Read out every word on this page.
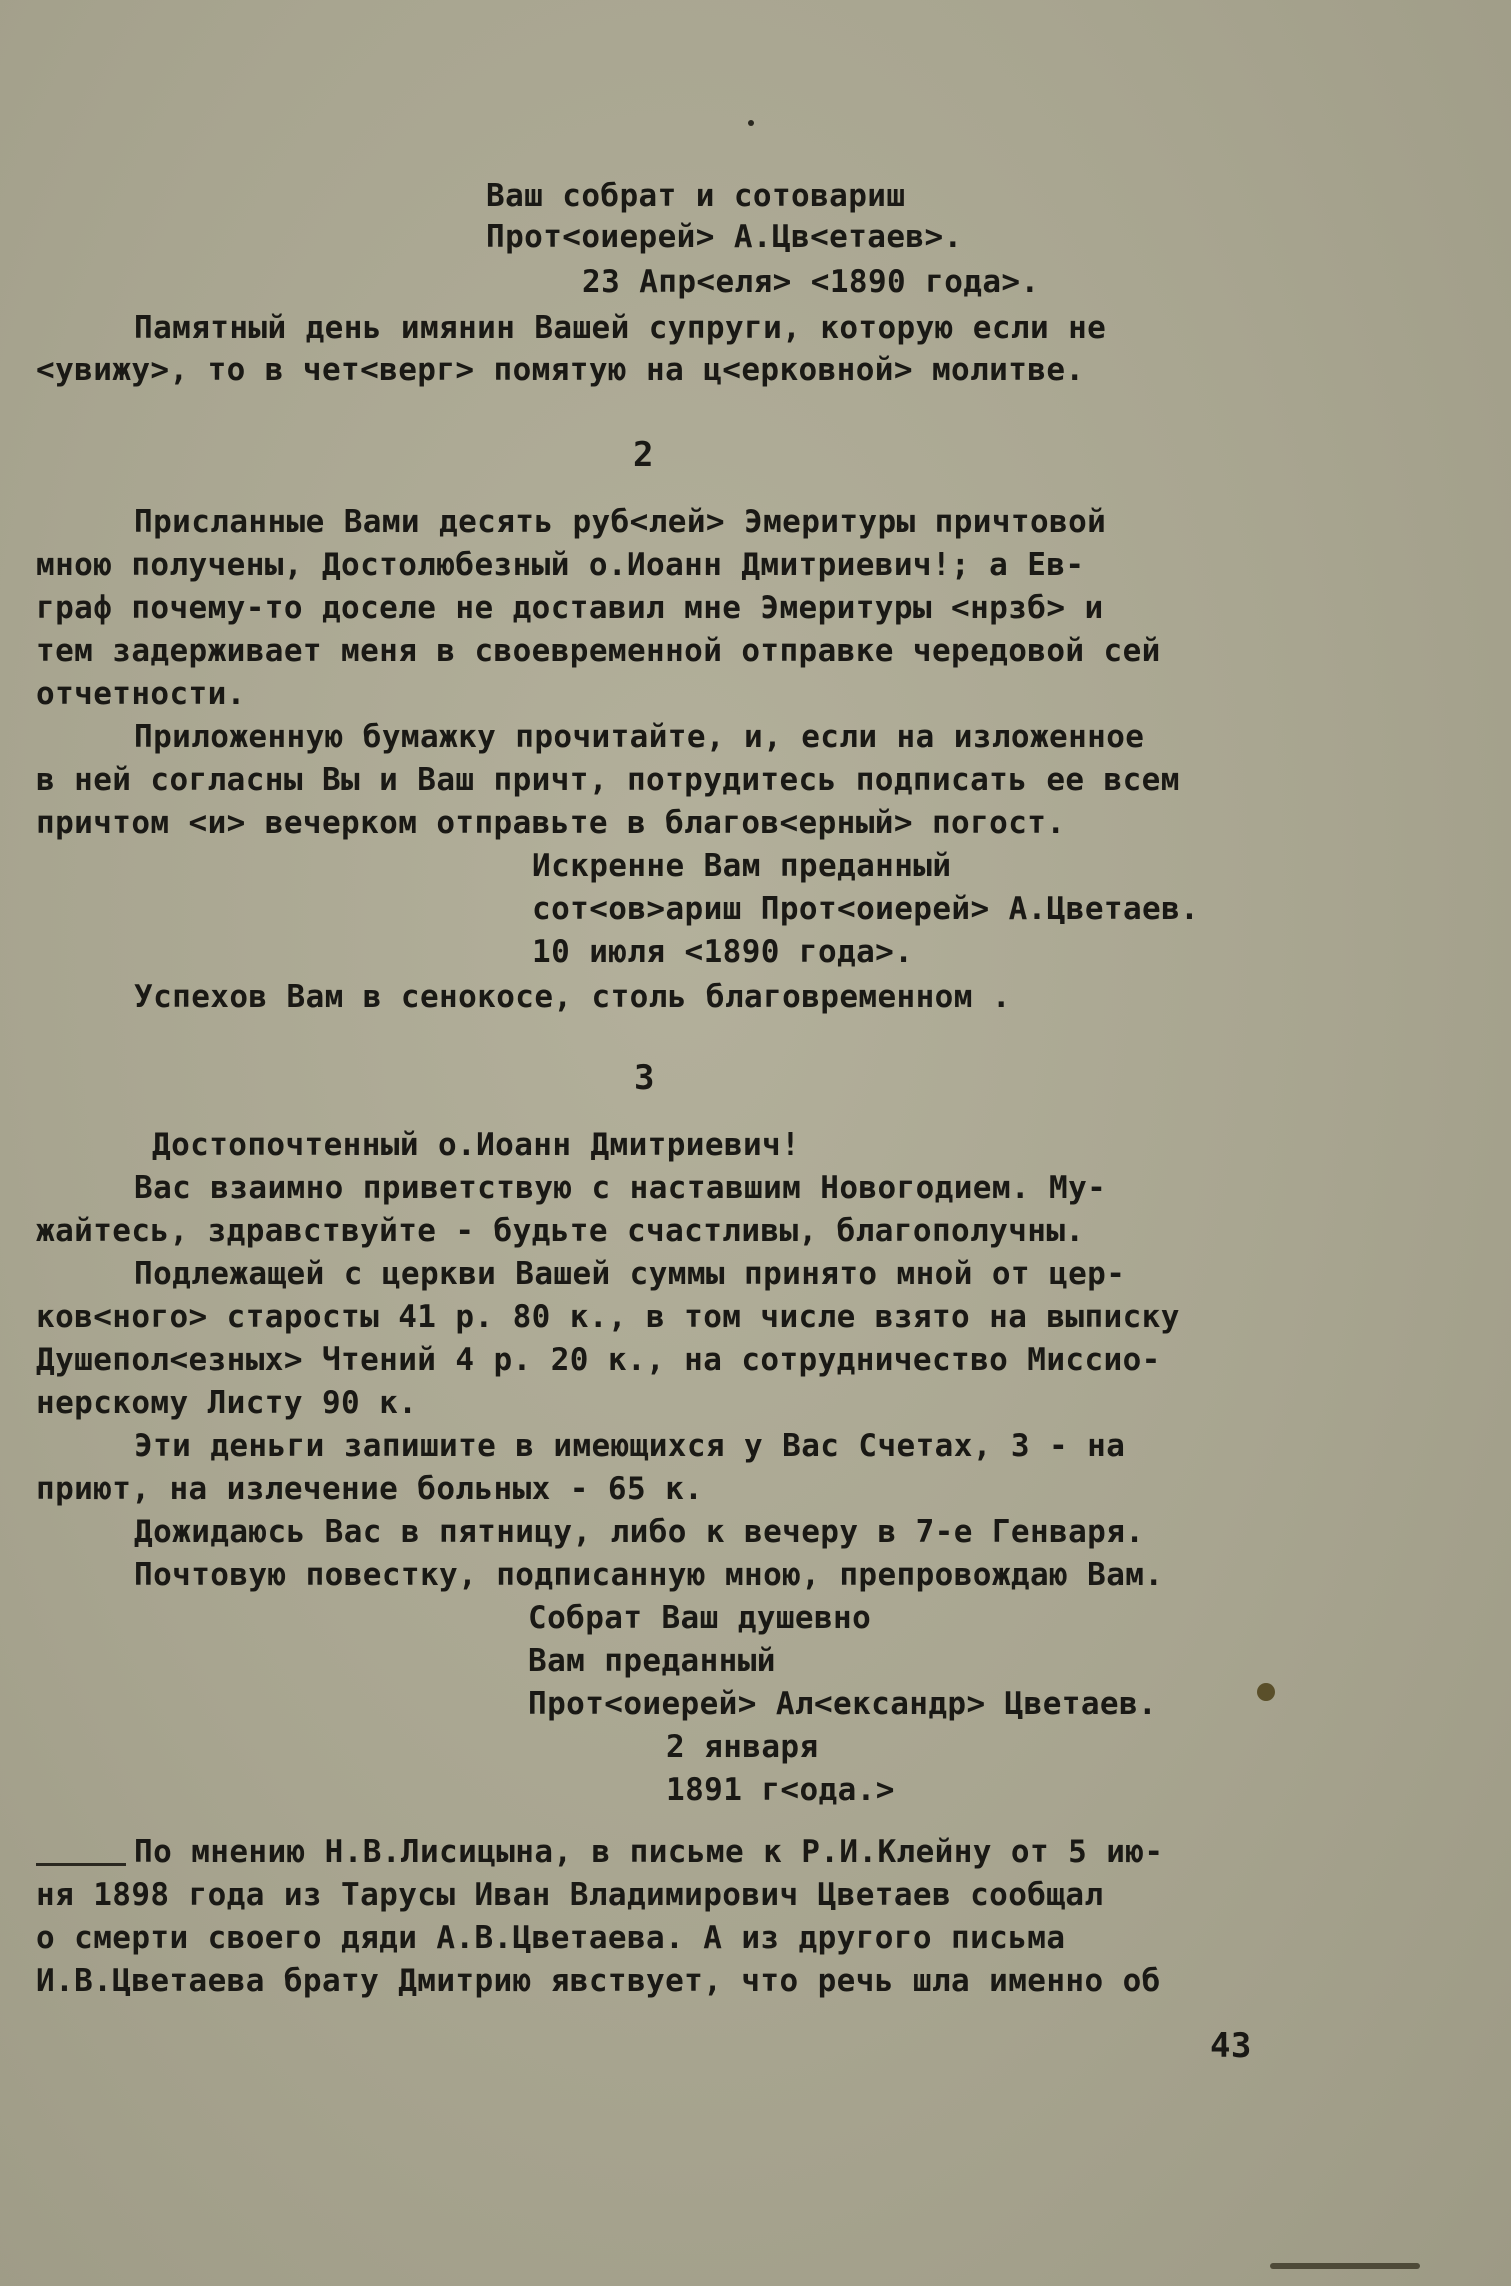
Ваш собрат и сотовариш
Прот<оиерей> А.Цв<етаев>.
23 Апр<еля> <1890 года>.
Памятный день имянин Вашей супруги, которую если не
<увижу>, то в чет<верг> помятую на ц<ерковной> молитве.
2
Присланные Вами десять руб<лей> Эмеритуры причтовой
мною получены, Достолюбезный о.Иоанн Дмитриевич!; а Ев-
граф почему-то доселе не доставил мне Эмеритуры <нрзб> и
тем задерживает меня в своевременной отправке чередовой сей
отчетности.
Приложенную бумажку прочитайте, и, если на изложенное
в ней согласны Вы и Ваш причт, потрудитесь подписать ее всем
причтом <и> вечерком отправьте в благов<ерный> погост.
Искренне Вам преданный
сот<ов>ариш Прот<оиерей> А.Цветаев.
10 июля <1890 года>.
Успехов Вам в сенокосе, столь благовременном .
3
Достопочтенный о.Иоанн Дмитриевич!
Вас взаимно приветствую с наставшим Новогодием. Му-
жайтесь, здравствуйте - будьте счастливы, благополучны.
Подлежащей с церкви Вашей суммы принято мной от цер-
ков<ного> старосты 41 р. 80 к., в том числе взято на выписку
Душепол<езных> Чтений 4 р. 20 к., на сотрудничество Миссио-
нерскому Листу 90 к.
Эти деньги запишите в имеющихся у Вас Счетах, 3 - на
приют, на излечение больных - 65 к.
Дожидаюсь Вас в пятницу, либо к вечеру в 7-е Генваря.
Почтовую повестку, подписанную мною, препровождаю Вам.
Собрат Ваш душевно
Вам преданный
Прот<оиерей> Ал<ександр> Цветаев.
2 января
1891 г<ода.>
По мнению Н.В.Лисицына, в письме к Р.И.Клейну от 5 ию-
ня 1898 года из Тарусы Иван Владимирович Цветаев сообщал
о смерти своего дяди А.В.Цветаева. А из другого письма
И.В.Цветаева брату Дмитрию явствует, что речь шла именно об
43
